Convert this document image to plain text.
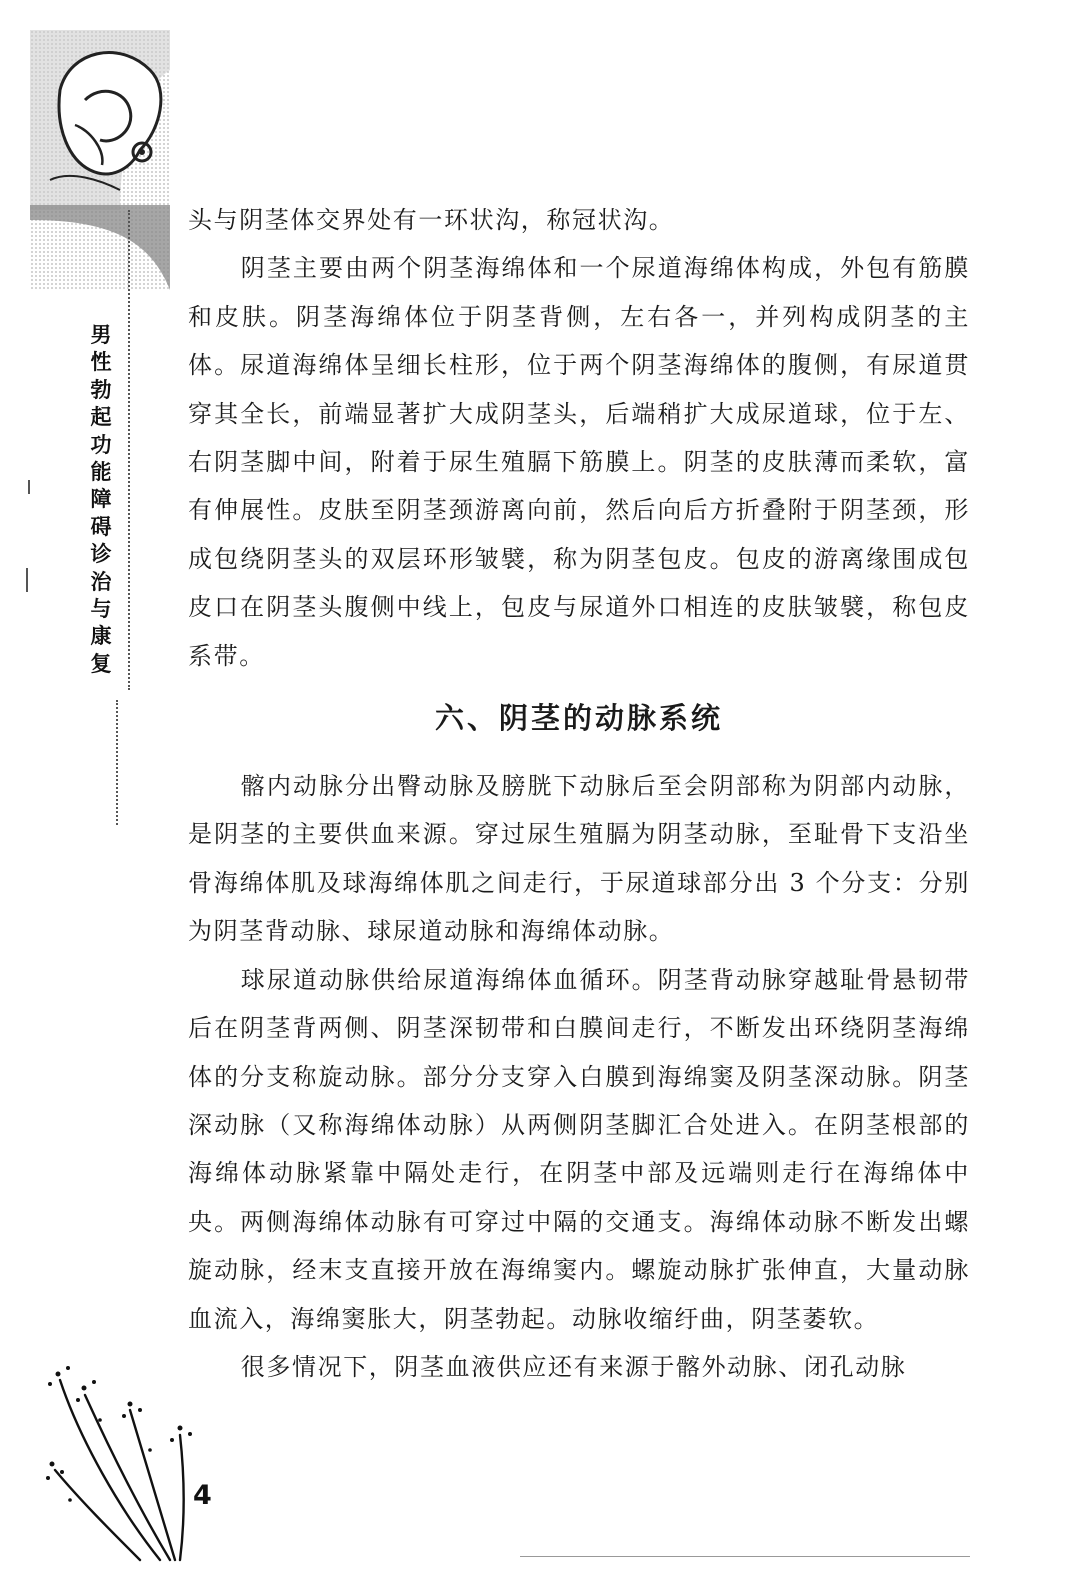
男性勃起功能障碍诊治与康复

头与阴茎体交界处有一环状沟，称冠状沟。

阴茎主要由两个阴茎海绵体和一个尿道海绵体构成，外包有筋膜和皮肤。阴茎海绵体位于阴茎背侧，左右各一，并列构成阴茎的主体。尿道海绵体呈细长柱形，位于两个阴茎海绵体的腹侧，有尿道贯穿其全长，前端显著扩大成阴茎头，后端稍扩大成尿道球，位于左、右阴茎脚中间，附着于尿生殖膈下筋膜上。阴茎的皮肤薄而柔软，富有伸展性。皮肤至阴茎颈游离向前，然后向后方折叠附于阴茎颈，形成包绕阴茎头的双层环形皱襞，称为阴茎包皮。包皮的游离缘围成包皮口在阴茎头腹侧中线上，包皮与尿道外口相连的皮肤皱襞，称包皮系带。

六、阴茎的动脉系统

髂内动脉分出臀动脉及膀胱下动脉后至会阴部称为阴部内动脉，是阴茎的主要供血来源。穿过尿生殖膈为阴茎动脉，至耻骨下支沿坐骨海绵体肌及球海绵体肌之间走行，于尿道球部分出 3 个分支：分别为阴茎背动脉、球尿道动脉和海绵体动脉。

球尿道动脉供给尿道海绵体血循环。阴茎背动脉穿越耻骨悬韧带后在阴茎背两侧、阴茎深韧带和白膜间走行，不断发出环绕阴茎海绵体的分支称旋动脉。部分分支穿入白膜到海绵窦及阴茎深动脉。阴茎深动脉（又称海绵体动脉）从两侧阴茎脚汇合处进入。在阴茎根部的海绵体动脉紧靠中隔处走行，在阴茎中部及远端则走行在海绵体中央。两侧海绵体动脉有可穿过中隔的交通支。海绵体动脉不断发出螺旋动脉，经末支直接开放在海绵窦内。螺旋动脉扩张伸直，大量动脉血流入，海绵窦胀大，阴茎勃起。动脉收缩纡曲，阴茎萎软。

很多情况下，阴茎血液供应还有来源于髂外动脉、闭孔动脉

4
